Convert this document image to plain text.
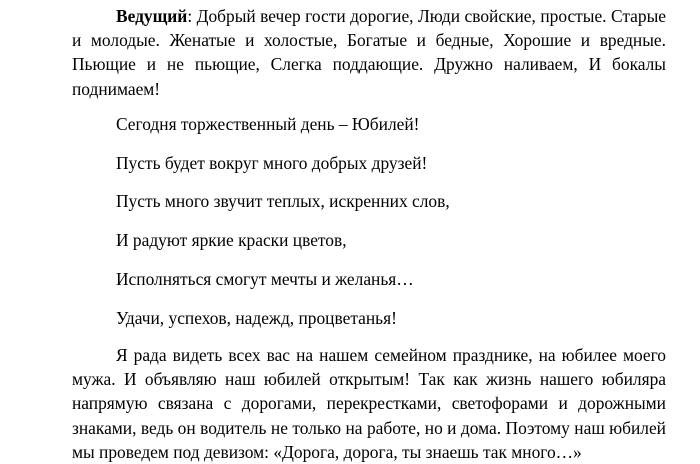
Ведущий: Добрый вечер гости дорогие, Люди свойские, простые. Старые и молодые. Женатые и холостые, Богатые и бедные, Хорошие и вредные. Пьющие и не пьющие, Слегка поддающие. Дружно наливаем, И бокалы поднимаем!

Сегодня торжественный день – Юбилей!

Пусть будет вокруг много добрых друзей!

Пусть много звучит теплых, искренних слов,

И радуют яркие краски цветов,

Исполняться смогут мечты и желанья…

Удачи, успехов, надежд, процветанья!

Я рада видеть всех вас на нашем семейном празднике, на юбилее моего мужа. И объявляю наш юбилей открытым! Так как жизнь нашего юбиляра напрямую связана с дорогами, перекрестками, светофорами и дорожными знаками, ведь он водитель не только на работе, но и дома. Поэтому наш юбилей мы проведем под девизом: «Дорога, дорога, ты знаешь так много…»
